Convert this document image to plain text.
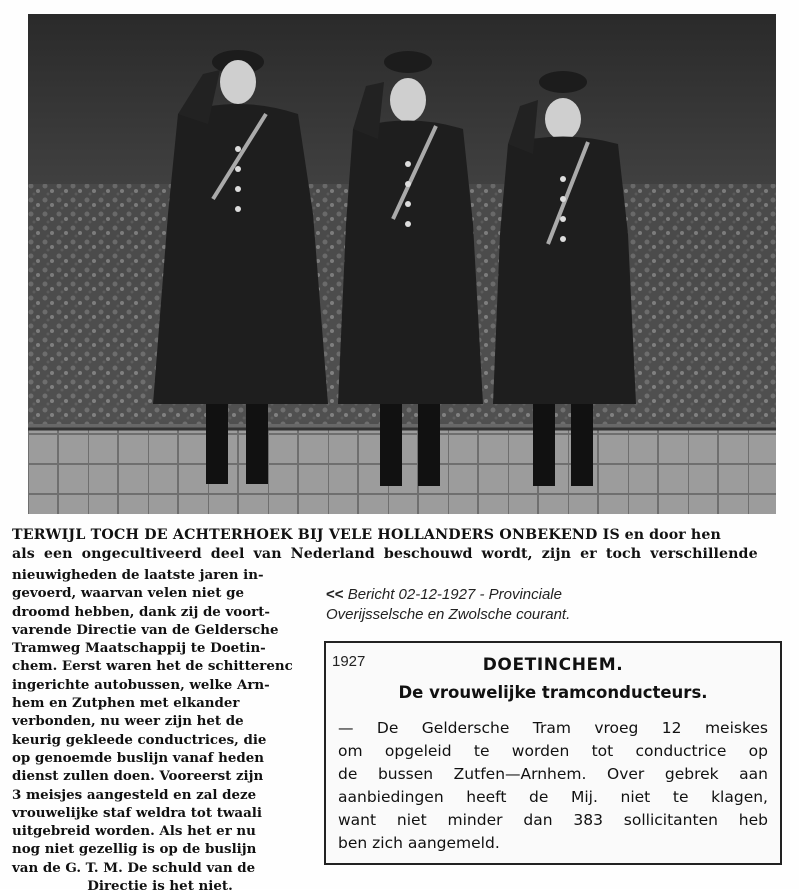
TERWIJL TOCH DE ACHTERHOEK BIJ VELE HOLLANDERS ONBEKEND IS en door hen
als een ongecultiveerd deel van Nederland beschouwd wordt, zijn er toch verschillende
nieuwigheden de laatste jaren in-
gevoerd, waarvan velen niet ge
droomd hebben, dank zij de voort-
varende Directie van de Geldersche
Tramweg Maatschappij te Doetin-
chem. Eerst waren het de schitterenc
ingerichte autobussen, welke Arn-
hem en Zutphen met elkander
verbonden, nu weer zijn het de
keurig gekleede conductrices, die
op genoemde buslijn vanaf heden
dienst zullen doen. Vooreerst zijn
3 meisjes aangesteld en zal deze
vrouwelijke staf weldra tot twaali
uitgebreid worden. Als het er nu
nog niet gezellig is op de buslijn
van de G. T. M. De schuld van de
Directie is het niet.
<< Bericht 02-12-1927 - Provinciale
Overijsselsche en Zwolsche courant.
1927	DOETINCHEM.
De vrouwelijke tramconducteurs.
— De Geldersche Tram vroeg 12 meiskes
om opgeleid te worden tot conductrice op
de bussen Zutfen—Arnhem. Over gebrek aan
aanbiedingen heeft de Mij. niet te klagen,
want niet minder dan 383 sollicitanten heb
ben zich aangemeld.
